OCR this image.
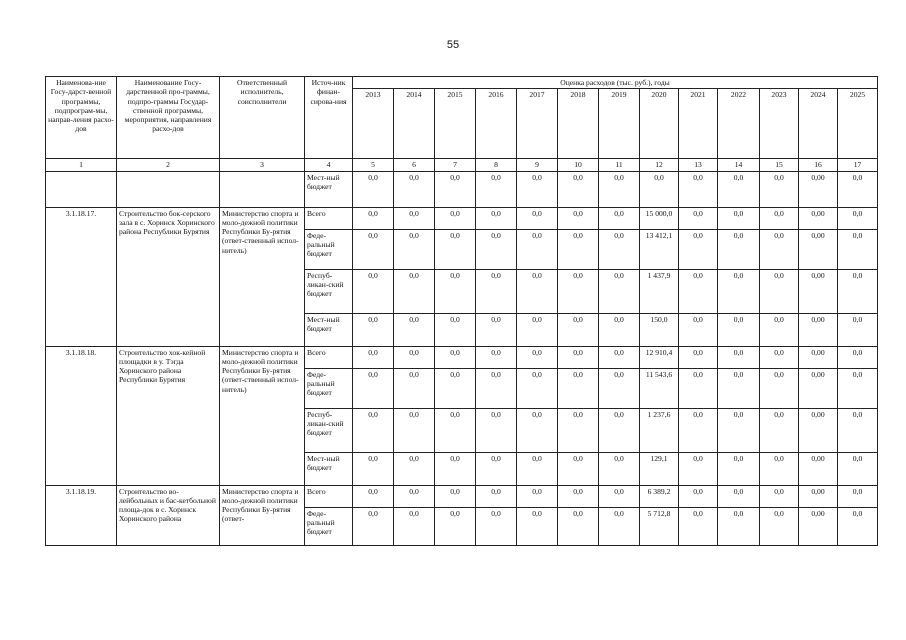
55
Наименова-ние Госу-дарст-венной программы, подпрограм-мы, направ-ления расхо-дов	Наименование Госу-дарственной про-граммы, подпро-граммы Государ-ственной программы, мероприятия, направления расхо-дов	Ответственный исполнитель, соисполнители	Источ-ник финан-сирова-ния	Оценка расходов (тыс. руб.), годы												
				2013	2014	2015	2016	2017	2018	2019	2020	2021	2022	2023	2024	2025
1	2	3	4	5	6	7	8	9	10	11	12	13	14	15	16	17
			Мест-ный бюджет	0,0	0,0	0,0	0,0	0,0	0,0	0,0	0,0	0,0	0,0	0,0	0,00	0,0
3.1.18.17.	Строительство бок-серского зала в с. Хоринск Хоринского района Республики Бурятия	Министерство спорта и моло-дежной политики Республики Бу-рятия (ответ-ственный испол-нитель)	Всего	0,0	0,0	0,0	0,0	0,0	0,0	0,0	15 000,0	0,0	0,0	0,0	0,00	0,0
			Феде-ральный бюджет	0,0	0,0	0,0	0,0	0,0	0,0	0,0	13 412,1	0,0	0,0	0,0	0,00	0,0
			Респуб-ликан-ский бюджет	0,0	0,0	0,0	0,0	0,0	0,0	0,0	1 437,9	0,0	0,0	0,0	0,00	0,0
			Мест-ный бюджет	0,0	0,0	0,0	0,0	0,0	0,0	0,0	150,0	0,0	0,0	0,0	0,00	0,0
3.1.18.18.	Строительство хок-кейной площадки в у. Тэгда Хоринского района Республики Бурятия	Министерство спорта и моло-дежной политики Республики Бу-рятия (ответ-ственный испол-нитель)	Всего	0,0	0,0	0,0	0,0	0,0	0,0	0,0	12 910,4	0,0	0,0	0,0	0,00	0,0
			Феде-ральный бюджет	0,0	0,0	0,0	0,0	0,0	0,0	0,0	11 543,6	0,0	0,0	0,0	0,00	0,0
			Респуб-ликан-ский бюджет	0,0	0,0	0,0	0,0	0,0	0,0	0,0	1 237,6	0,0	0,0	0,0	0,00	0,0
			Мест-ный бюджет	0,0	0,0	0,0	0,0	0,0	0,0	0,0	129,1	0,0	0,0	0,0	0,00	0,0
3.1.18.19.	Строительство во-лейбольных и бас-кетбольной площа-док в с. Хоринск Хоринского района	Министерство спорта и моло-дежной политики Республики Бу-рятия (ответ-	Всего	0,0	0,0	0,0	0,0	0,0	0,0	0,0	6 389,2	0,0	0,0	0,0	0,00	0,0
			Феде-ральный бюджет	0,0	0,0	0,0	0,0	0,0	0,0	0,0	5 712,8	0,0	0,0	0,0	0,00	0,0
